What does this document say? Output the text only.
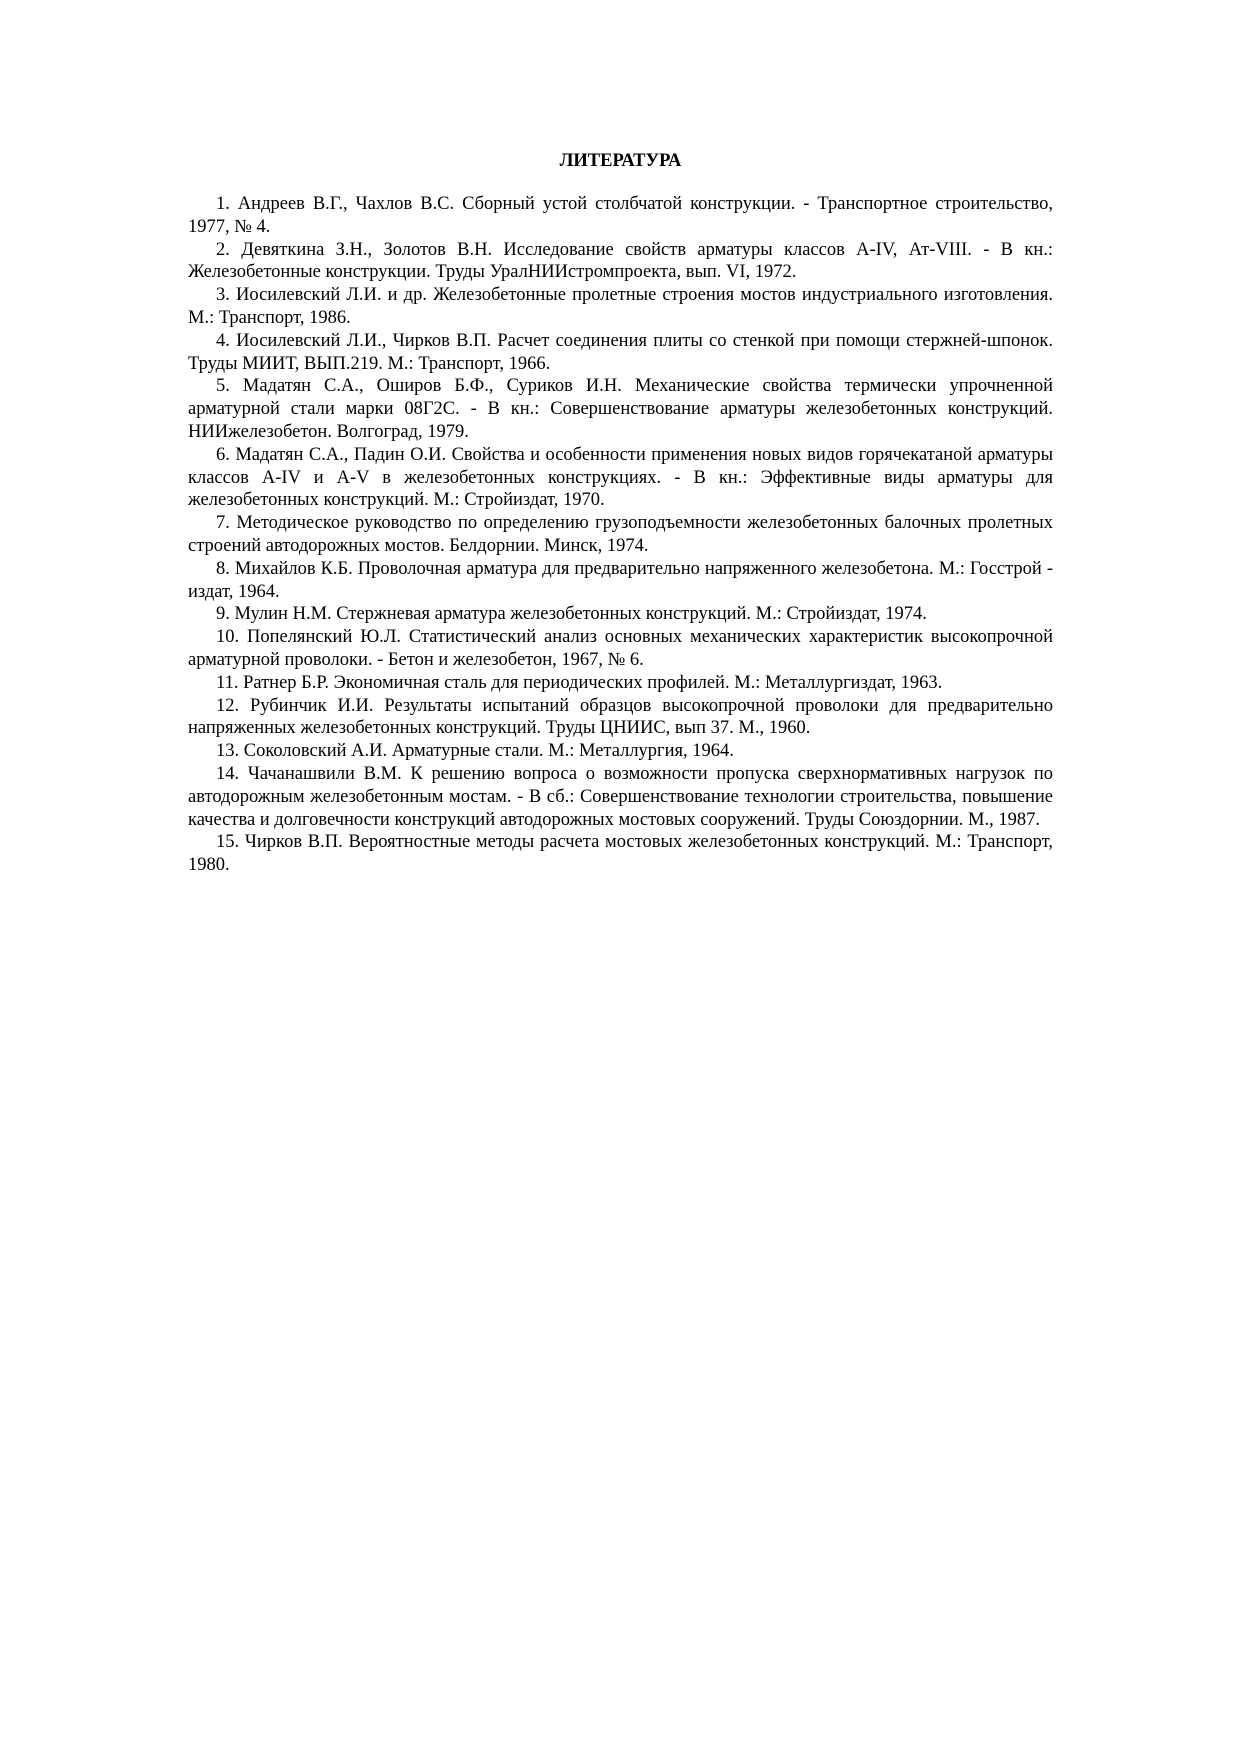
ЛИТЕРАТУРА
1. Андреев В.Г., Чахлов В.С. Сборный устой столбчатой конструкции. - Транспортное строительство, 1977, № 4.
2. Девяткина З.Н., Золотов В.Н. Исследование свойств арматуры классов А-IV, Ат-VIII. - В кн.: Железобетонные конструкции. Труды УралНИИстромпроекта, вып. VI, 1972.
3. Иосилевский Л.И. и др. Железобетонные пролетные строения мостов индустриального изготовления. М.: Транспорт, 1986.
4. Иосилевский Л.И., Чирков В.П. Расчет соединения плиты со стенкой при помощи стержней-шпонок. Труды МИИТ, ВЫП.219. М.: Транспорт, 1966.
5. Мадатян С.А., Оширов Б.Ф., Суриков И.Н. Механические свойства термически упрочненной арматурной стали марки 08Г2С. - В кн.: Совершенствование арматуры железобетонных конструкций. НИИжелезобетон. Волгоград, 1979.
6. Мадатян С.А., Падин О.И. Свойства и особенности применения новых видов горячекатаной арматуры классов А-IV и А-V в железобетонных конструкциях. - В кн.: Эффективные виды арматуры для железобетонных конструкций. М.: Стройиздат, 1970.
7. Методическое руководство по определению грузоподъемности железобетонных балочных пролетных строений автодорожных мостов. Белдорнии. Минск, 1974.
8. Михайлов К.Б. Проволочная арматура для предварительно напряженного железобетона. М.: Госстрой - издат, 1964.
9. Мулин Н.М. Стержневая арматура железобетонных конструкций. М.: Стройиздат, 1974.
10. Попелянский Ю.Л. Статистический анализ основных механических характеристик высокопрочной арматурной проволоки. - Бетон и железобетон, 1967, № 6.
11. Ратнер Б.Р. Экономичная сталь для периодических профилей. М.: Металлургиздат, 1963.
12. Рубинчик И.И. Результаты испытаний образцов высокопрочной проволоки для предварительно напряженных железобетонных конструкций. Труды ЦНИИС, вып 37. М., 1960.
13. Соколовский А.И. Арматурные стали. М.: Металлургия, 1964.
14. Чачанашвили В.М. К решению вопроса о возможности пропуска сверхнормативных нагрузок по автодорожным железобетонным мостам. - В сб.: Совершенствование технологии строительства, повышение качества и долговечности конструкций автодорожных мостовых сооружений. Труды Союздорнии. М., 1987.
15. Чирков В.П. Вероятностные методы расчета мостовых железобетонных конструкций. М.: Транспорт, 1980.
